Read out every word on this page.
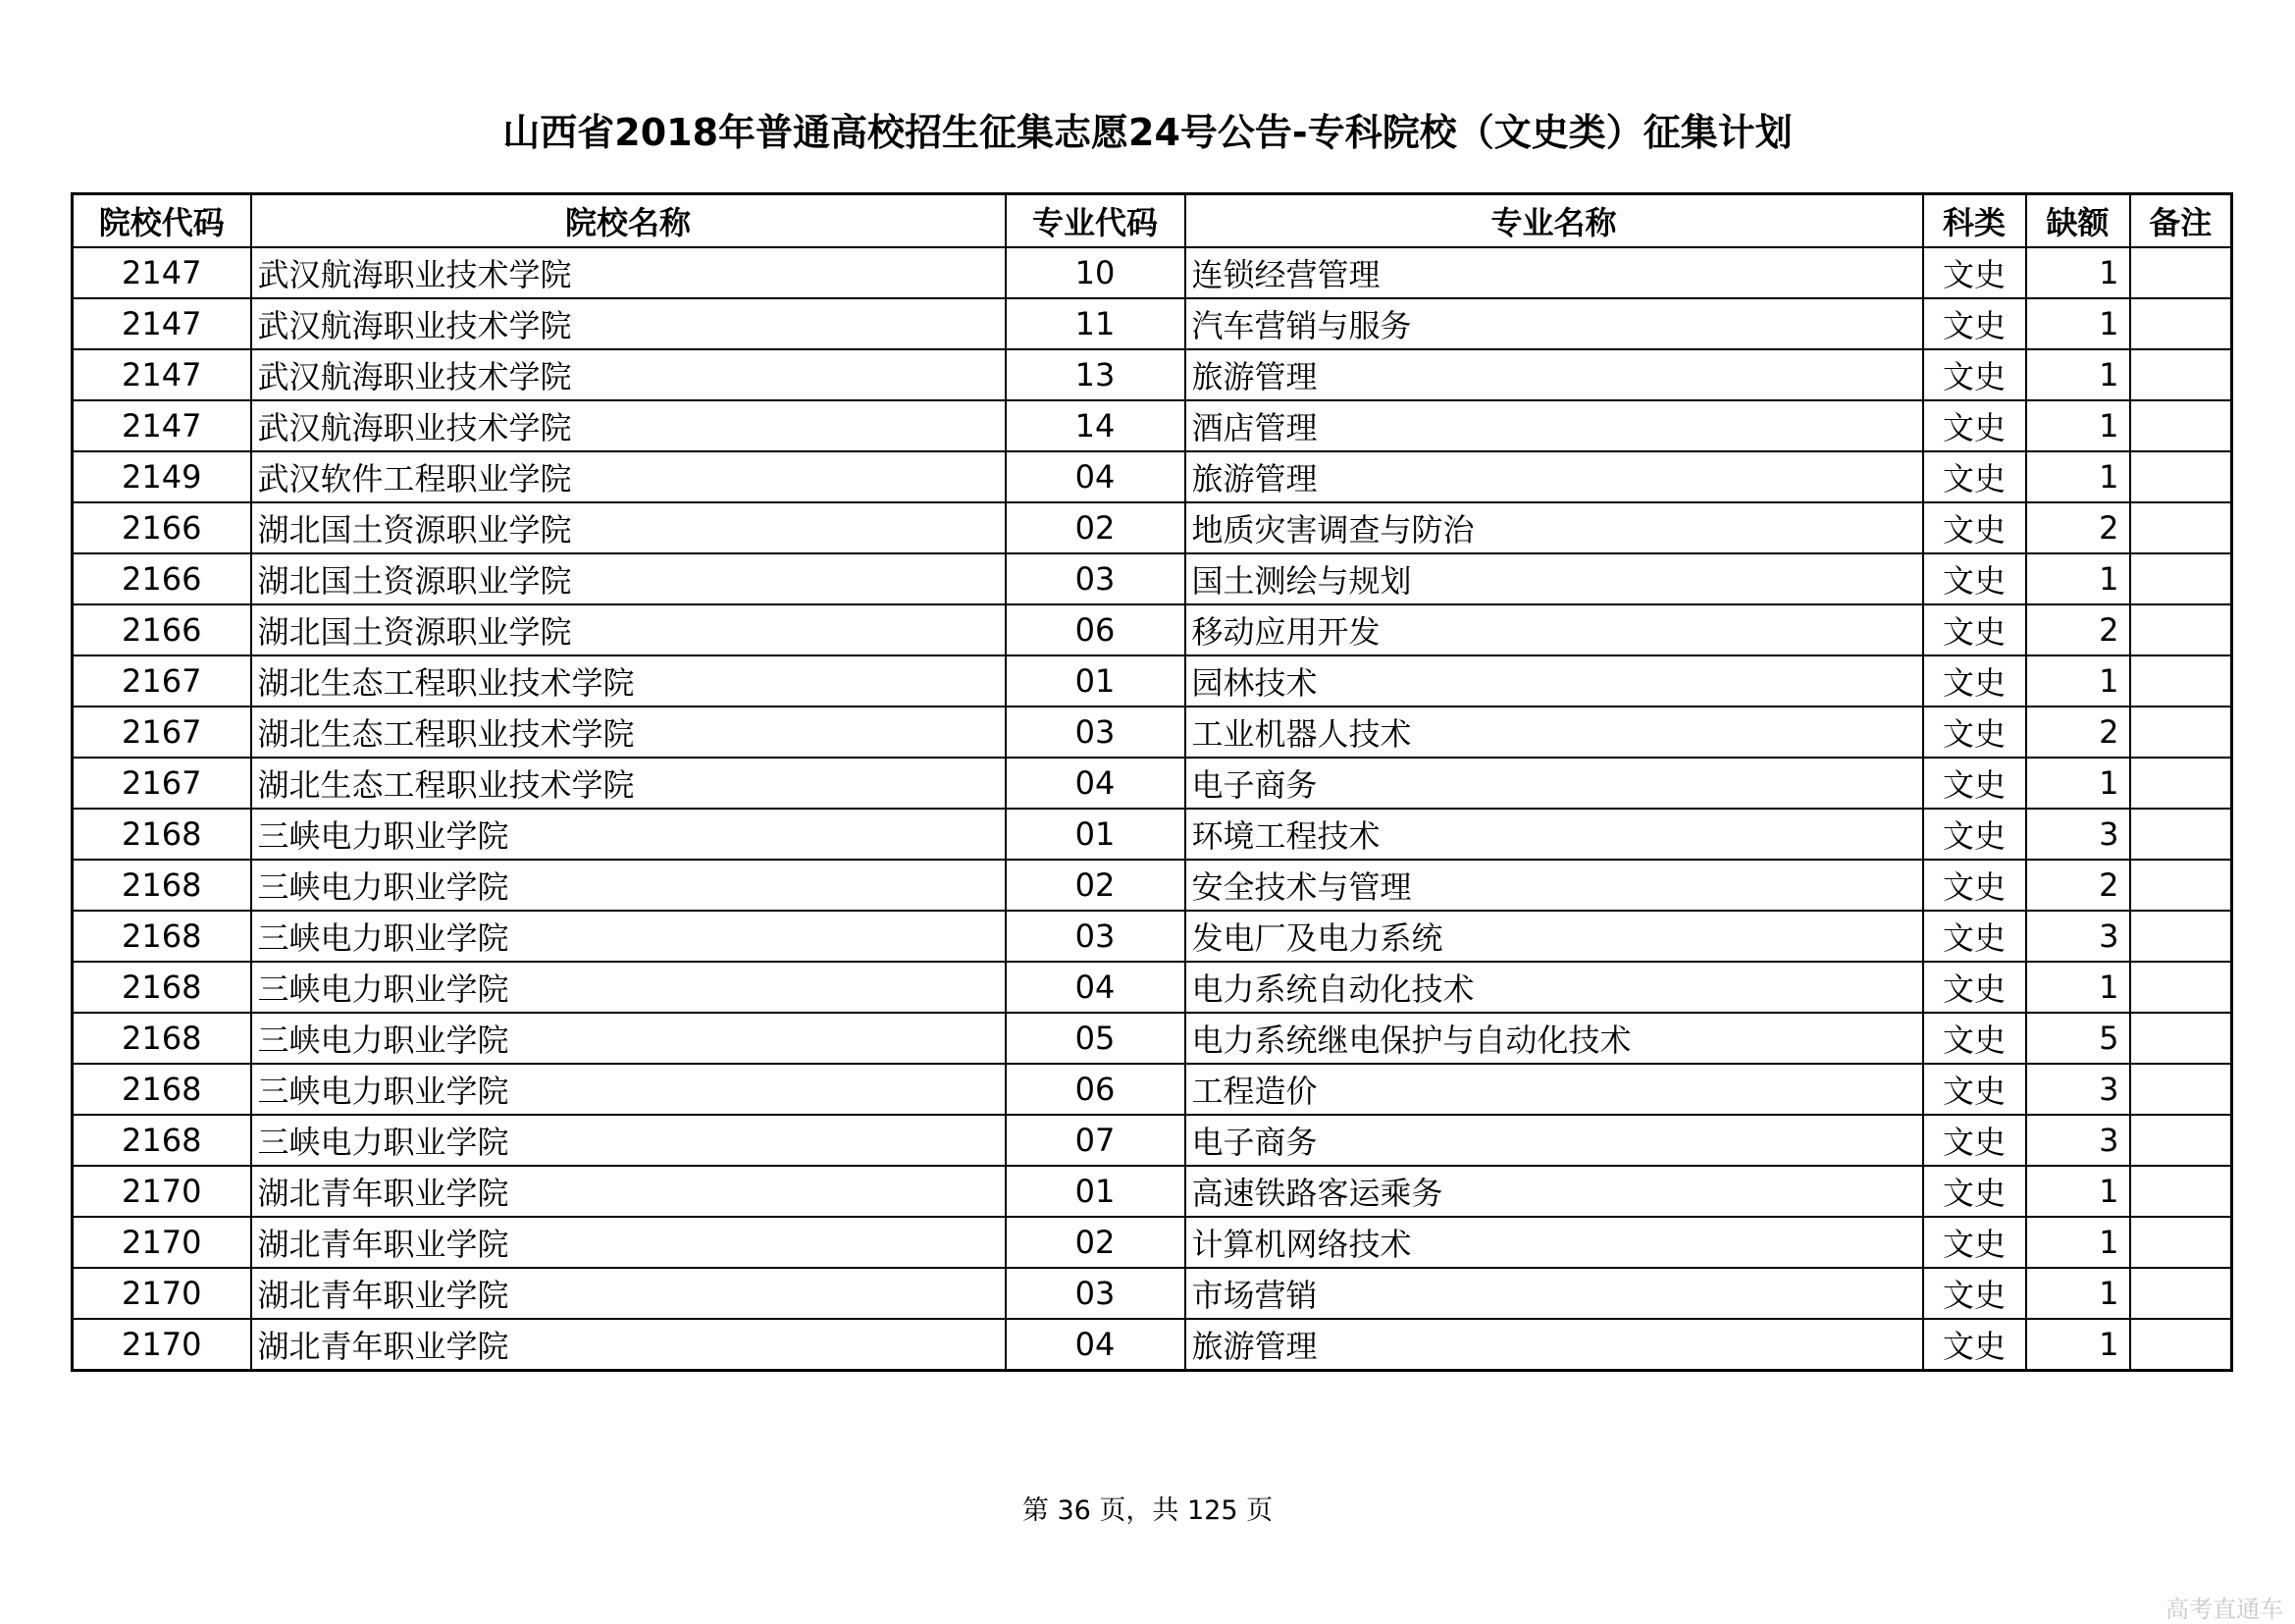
山西省2018年普通高校招生征集志愿24号公告-专科院校（文史类）征集计划
院校代码	院校名称	专业代码	专业名称	科类	缺额	备注
2147	武汉航海职业技术学院	10	连锁经营管理	文史	1	
2147	武汉航海职业技术学院	11	汽车营销与服务	文史	1	
2147	武汉航海职业技术学院	13	旅游管理	文史	1	
2147	武汉航海职业技术学院	14	酒店管理	文史	1	
2149	武汉软件工程职业学院	04	旅游管理	文史	1	
2166	湖北国土资源职业学院	02	地质灾害调查与防治	文史	2	
2166	湖北国土资源职业学院	03	国土测绘与规划	文史	1	
2166	湖北国土资源职业学院	06	移动应用开发	文史	2	
2167	湖北生态工程职业技术学院	01	园林技术	文史	1	
2167	湖北生态工程职业技术学院	03	工业机器人技术	文史	2	
2167	湖北生态工程职业技术学院	04	电子商务	文史	1	
2168	三峡电力职业学院	01	环境工程技术	文史	3	
2168	三峡电力职业学院	02	安全技术与管理	文史	2	
2168	三峡电力职业学院	03	发电厂及电力系统	文史	3	
2168	三峡电力职业学院	04	电力系统自动化技术	文史	1	
2168	三峡电力职业学院	05	电力系统继电保护与自动化技术	文史	5	
2168	三峡电力职业学院	06	工程造价	文史	3	
2168	三峡电力职业学院	07	电子商务	文史	3	
2170	湖北青年职业学院	01	高速铁路客运乘务	文史	1	
2170	湖北青年职业学院	02	计算机网络技术	文史	1	
2170	湖北青年职业学院	03	市场营销	文史	1	
2170	湖北青年职业学院	04	旅游管理	文史	1	
第 36 页，共 125 页
高考直通车
